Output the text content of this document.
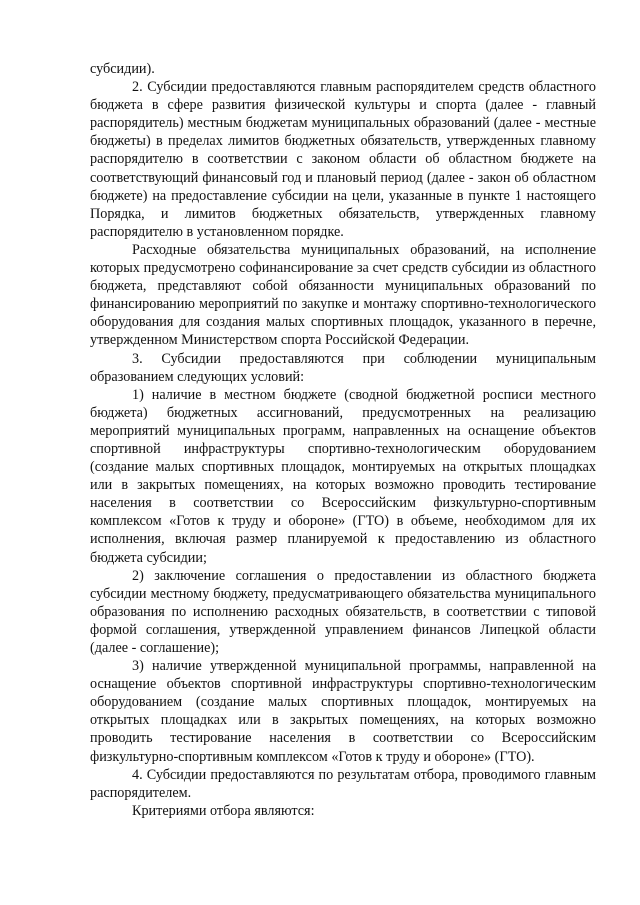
субсидии).

2. Субсидии предоставляются главным распорядителем средств областного бюджета в сфере развития физической культуры и спорта (далее - главный распорядитель) местным бюджетам муниципальных образований (далее - местные бюджеты) в пределах лимитов бюджетных обязательств, утвержденных главному распорядителю в соответствии с законом области об областном бюджете на соответствующий финансовый год и плановый период (далее - закон об областном бюджете) на предоставление субсидии на цели, указанные в пункте 1 настоящего Порядка, и лимитов бюджетных обязательств, утвержденных главному распорядителю в установленном порядке.

Расходные обязательства муниципальных образований, на исполнение которых предусмотрено софинансирование за счет средств субсидии из областного бюджета, представляют собой обязанности муниципальных образований по финансированию мероприятий по закупке и монтажу спортивно-технологического оборудования для создания малых спортивных площадок, указанного в перечне, утвержденном Министерством спорта Российской Федерации.

3. Субсидии предоставляются при соблюдении муниципальным образованием следующих условий:

1) наличие в местном бюджете (сводной бюджетной росписи местного бюджета) бюджетных ассигнований, предусмотренных на реализацию мероприятий муниципальных программ, направленных на оснащение объектов спортивной инфраструктуры спортивно-технологическим оборудованием (создание малых спортивных площадок, монтируемых на открытых площадках или в закрытых помещениях, на которых возможно проводить тестирование населения в соответствии со Всероссийским физкультурно-спортивным комплексом «Готов к труду и обороне» (ГТО) в объеме, необходимом для их исполнения, включая размер планируемой к предоставлению из областного бюджета субсидии;

2) заключение соглашения о предоставлении из областного бюджета субсидии местному бюджету, предусматривающего обязательства муниципального образования по исполнению расходных обязательств, в соответствии с типовой формой соглашения, утвержденной управлением финансов Липецкой области (далее - соглашение);

3) наличие утвержденной муниципальной программы, направленной на оснащение объектов спортивной инфраструктуры спортивно-технологическим оборудованием (создание малых спортивных площадок, монтируемых на открытых площадках или в закрытых помещениях, на которых возможно проводить тестирование населения в соответствии со Всероссийским физкультурно-спортивным комплексом «Готов к труду и обороне» (ГТО).

4. Субсидии предоставляются по результатам отбора, проводимого главным распорядителем.

Критериями отбора являются:
